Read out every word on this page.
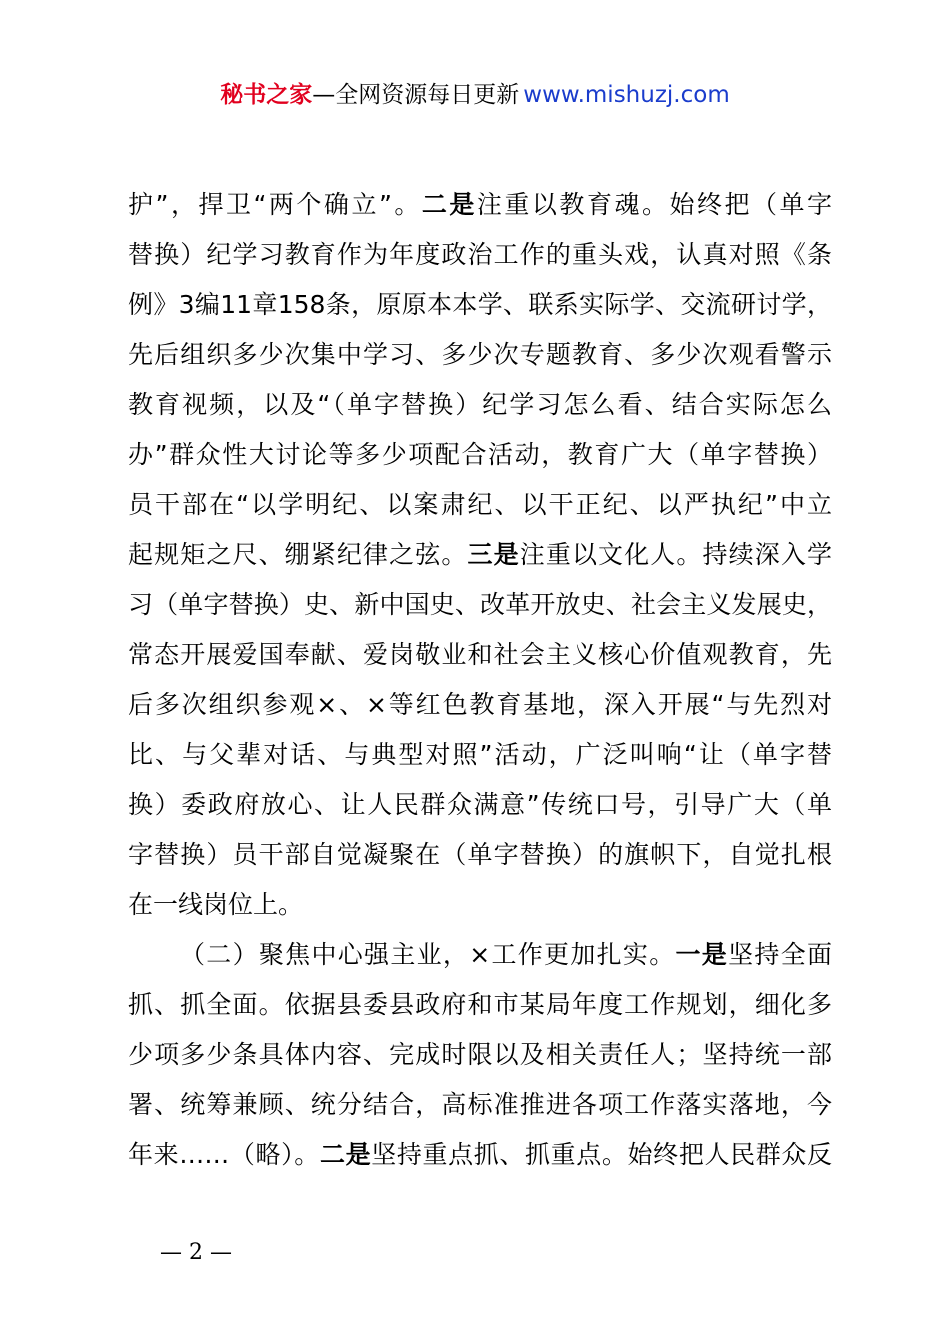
秘书之家—全网资源每日更新 www.mishuzj.com
护”，捍卫“两个确立”。二是注重以教育魂。始终把（单字
替换）纪学习教育作为年度政治工作的重头戏，认真对照《条
例》3编11章158条，原原本本学、联系实际学、交流研讨学，
先后组织多少次集中学习、多少次专题教育、多少次观看警示
教育视频，以及“（单字替换）纪学习怎么看、结合实际怎么
办”群众性大讨论等多少项配合活动，教育广大（单字替换）
员干部在“以学明纪、以案肃纪、以干正纪、以严执纪”中立
起规矩之尺、绷紧纪律之弦。三是注重以文化人。持续深入学
习（单字替换）史、新中国史、改革开放史、社会主义发展史，
常态开展爱国奉献、爱岗敬业和社会主义核心价值观教育，先
后多次组织参观×、×等红色教育基地，深入开展“与先烈对
比、与父辈对话、与典型对照”活动，广泛叫响“让（单字替
换）委政府放心、让人民群众满意”传统口号，引导广大（单
字替换）员干部自觉凝聚在（单字替换）的旗帜下，自觉扎根
在一线岗位上。
（二）聚焦中心强主业，×工作更加扎实。一是坚持全面
抓、抓全面。依据县委县政府和市某局年度工作规划，细化多
少项多少条具体内容、完成时限以及相关责任人；坚持统一部
署、统筹兼顾、统分结合，高标准推进各项工作落实落地，今
年来……（略）。二是坚持重点抓、抓重点。始终把人民群众反
— 2 —
